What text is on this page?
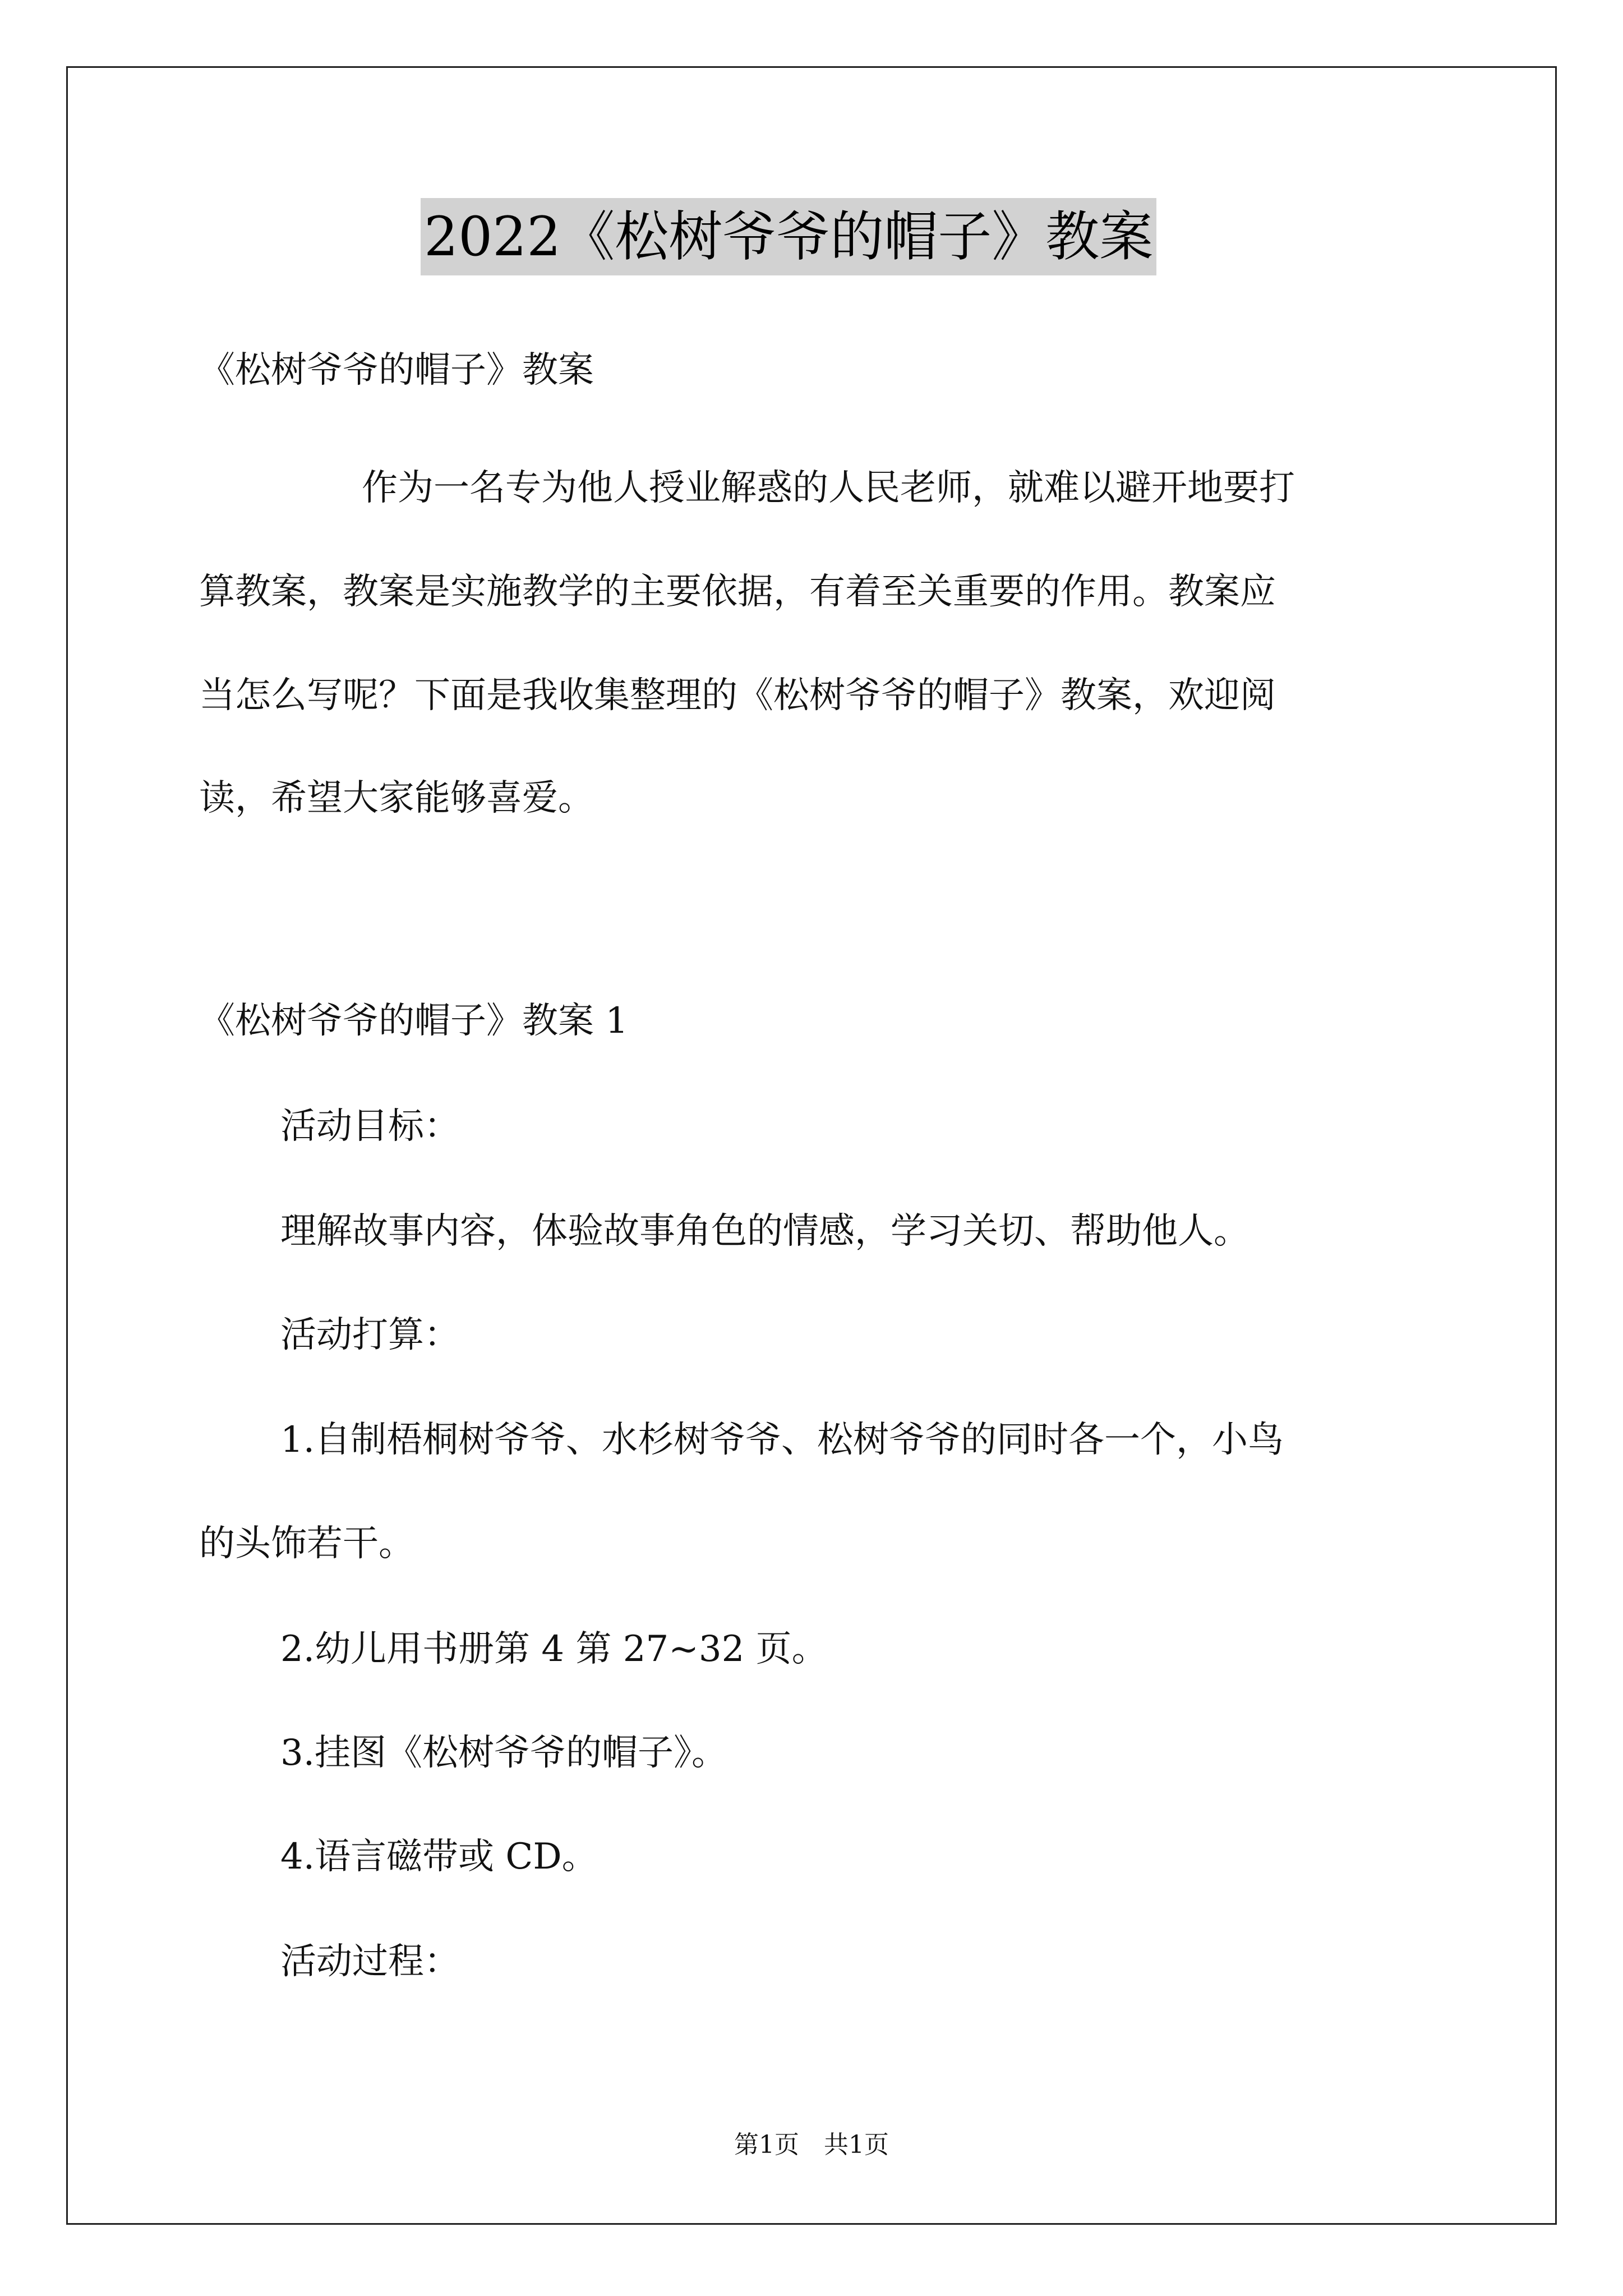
2022《松树爷爷的帽子》教案
《松树爷爷的帽子》教案
作为一名专为他人授业解惑的人民老师，就难以避开地要打
算教案，教案是实施教学的主要依据，有着至关重要的作用。教案应
当怎么写呢？下面是我收集整理的《松树爷爷的帽子》教案，欢迎阅
读，希望大家能够喜爱。
《松树爷爷的帽子》教案 1
活动目标：
理解故事内容，体验故事角色的情感，学习关切、帮助他人。
活动打算：
1.自制梧桐树爷爷、水杉树爷爷、松树爷爷的同时各一个，小鸟
的头饰若干。
2.幼儿用书册第 4 第 27~32 页。
3.挂图《松树爷爷的帽子》。
4.语言磁带或 CD。
活动过程：
第1页　共1页
